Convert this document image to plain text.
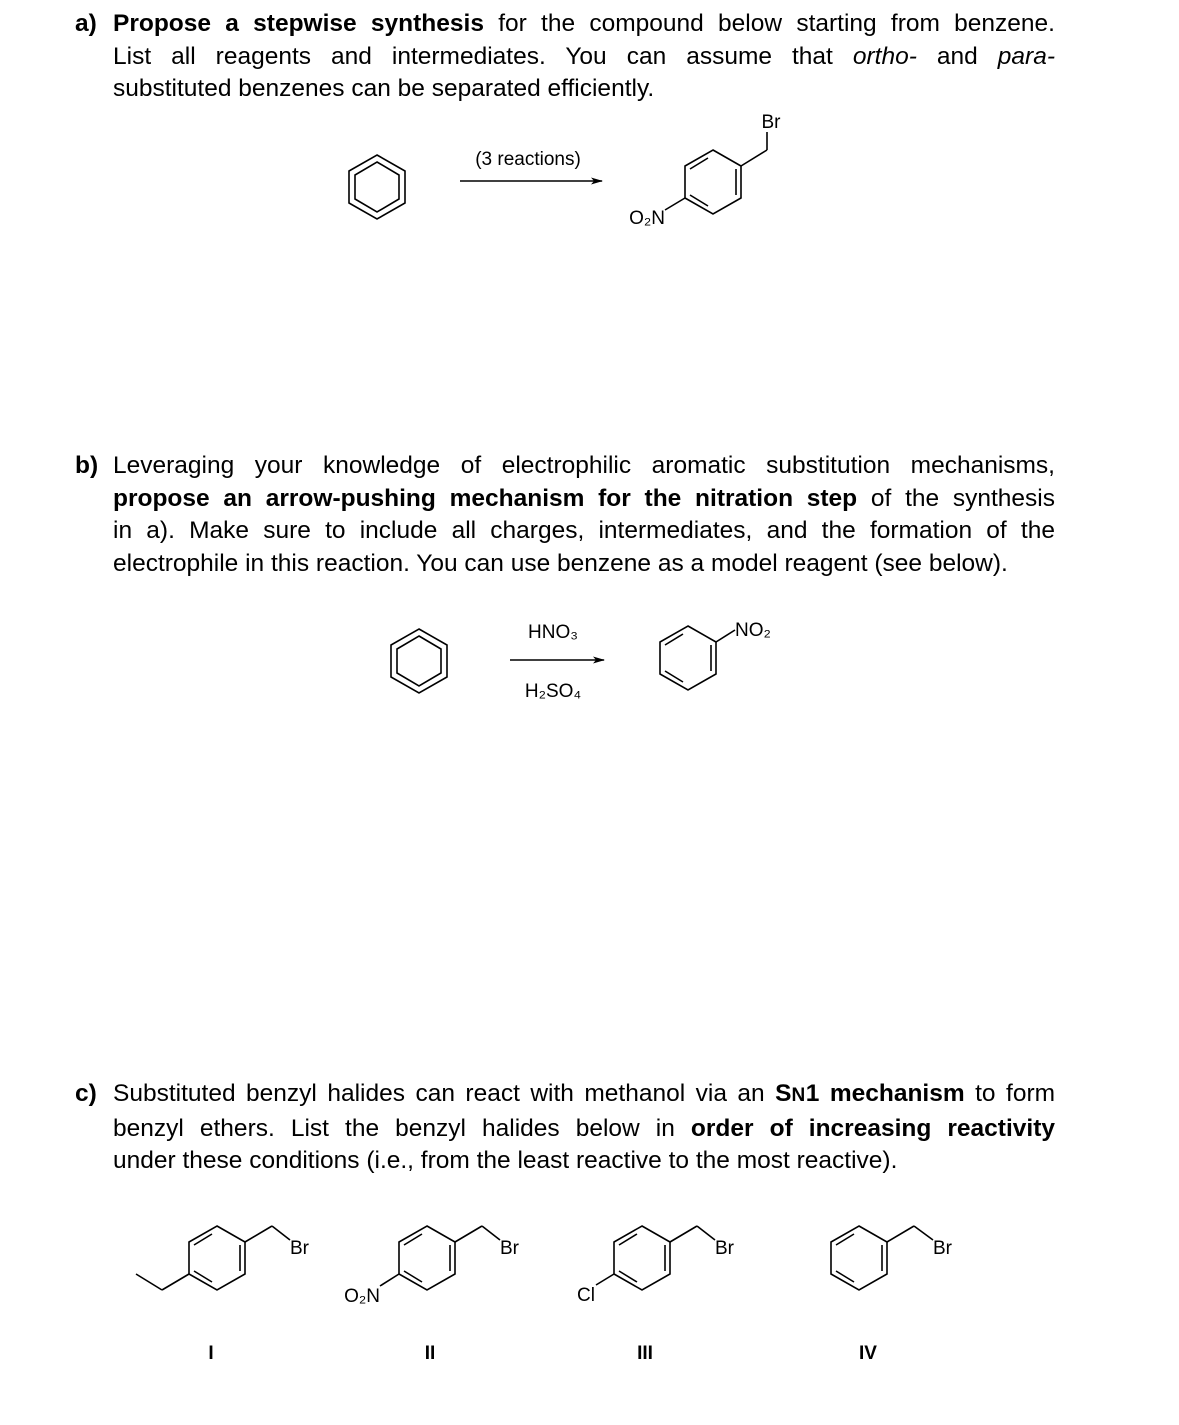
a) Propose a stepwise synthesis for the compound below starting from benzene.
List all reagents and intermediates. You can assume that ortho- and para-
substituted benzenes can be separated efficiently.
b) Leveraging your knowledge of electrophilic aromatic substitution mechanisms,
propose an arrow-pushing mechanism for the nitration step of the synthesis
in a). Make sure to include all charges, intermediates, and the formation of the
electrophile in this reaction. You can use benzene as a model reagent (see below).
c) Substituted benzyl halides can react with methanol via an SN1 mechanism to form
benzyl ethers. List the benzyl halides below in order of increasing reactivity
under these conditions (i.e., from the least reactive to the most reactive).
(3 reactions)
Br
O₂N
HNO₃
H₂SO₄
NO₂
Br
I
Br
O₂N
II
Br
Cl
III
Br
IV
